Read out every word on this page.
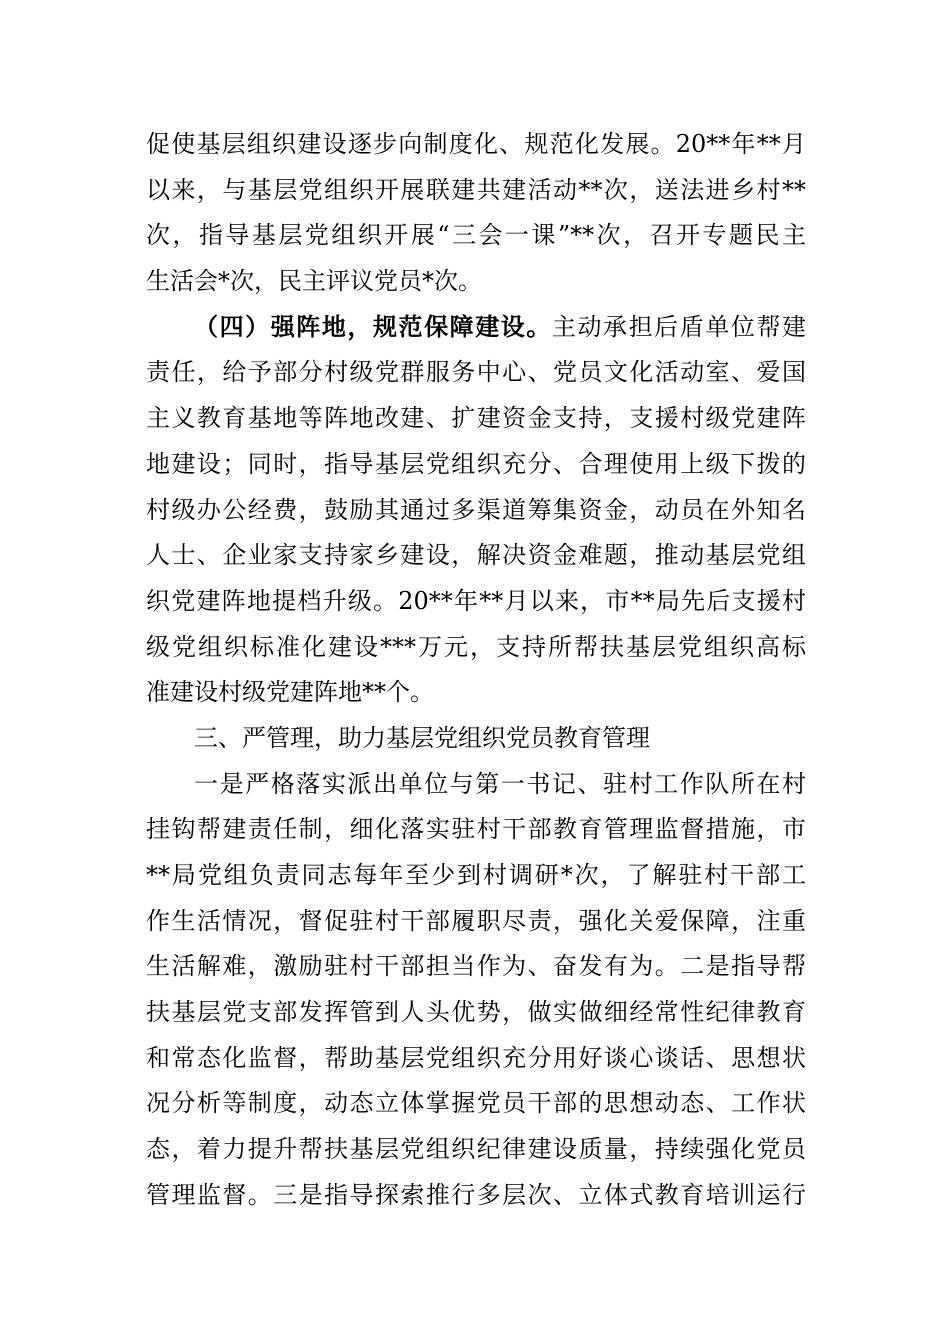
促使基层组织建设逐步向制度化、规范化发展。20**年**月
以来，与基层党组织开展联建共建活动**次，送法进乡村**
次，指导基层党组织开展“三会一课”**次，召开专题民主
生活会*次，民主评议党员*次。
（四）强阵地，规范保障建设。主动承担后盾单位帮建
责任，给予部分村级党群服务中心、党员文化活动室、爱国
主义教育基地等阵地改建、扩建资金支持，支援村级党建阵
地建设；同时，指导基层党组织充分、合理使用上级下拨的
村级办公经费，鼓励其通过多渠道筹集资金，动员在外知名
人士、企业家支持家乡建设，解决资金难题，推动基层党组
织党建阵地提档升级。20**年**月以来，市**局先后支援村
级党组织标准化建设***万元，支持所帮扶基层党组织高标
准建设村级党建阵地**个。
三、严管理，助力基层党组织党员教育管理
一是严格落实派出单位与第一书记、驻村工作队所在村
挂钩帮建责任制，细化落实驻村干部教育管理监督措施，市
**局党组负责同志每年至少到村调研*次，了解驻村干部工
作生活情况，督促驻村干部履职尽责，强化关爱保障，注重
生活解难，激励驻村干部担当作为、奋发有为。二是指导帮
扶基层党支部发挥管到人头优势，做实做细经常性纪律教育
和常态化监督，帮助基层党组织充分用好谈心谈话、思想状
况分析等制度，动态立体掌握党员干部的思想动态、工作状
态，着力提升帮扶基层党组织纪律建设质量，持续强化党员
管理监督。三是指导探索推行多层次、立体式教育培训运行
